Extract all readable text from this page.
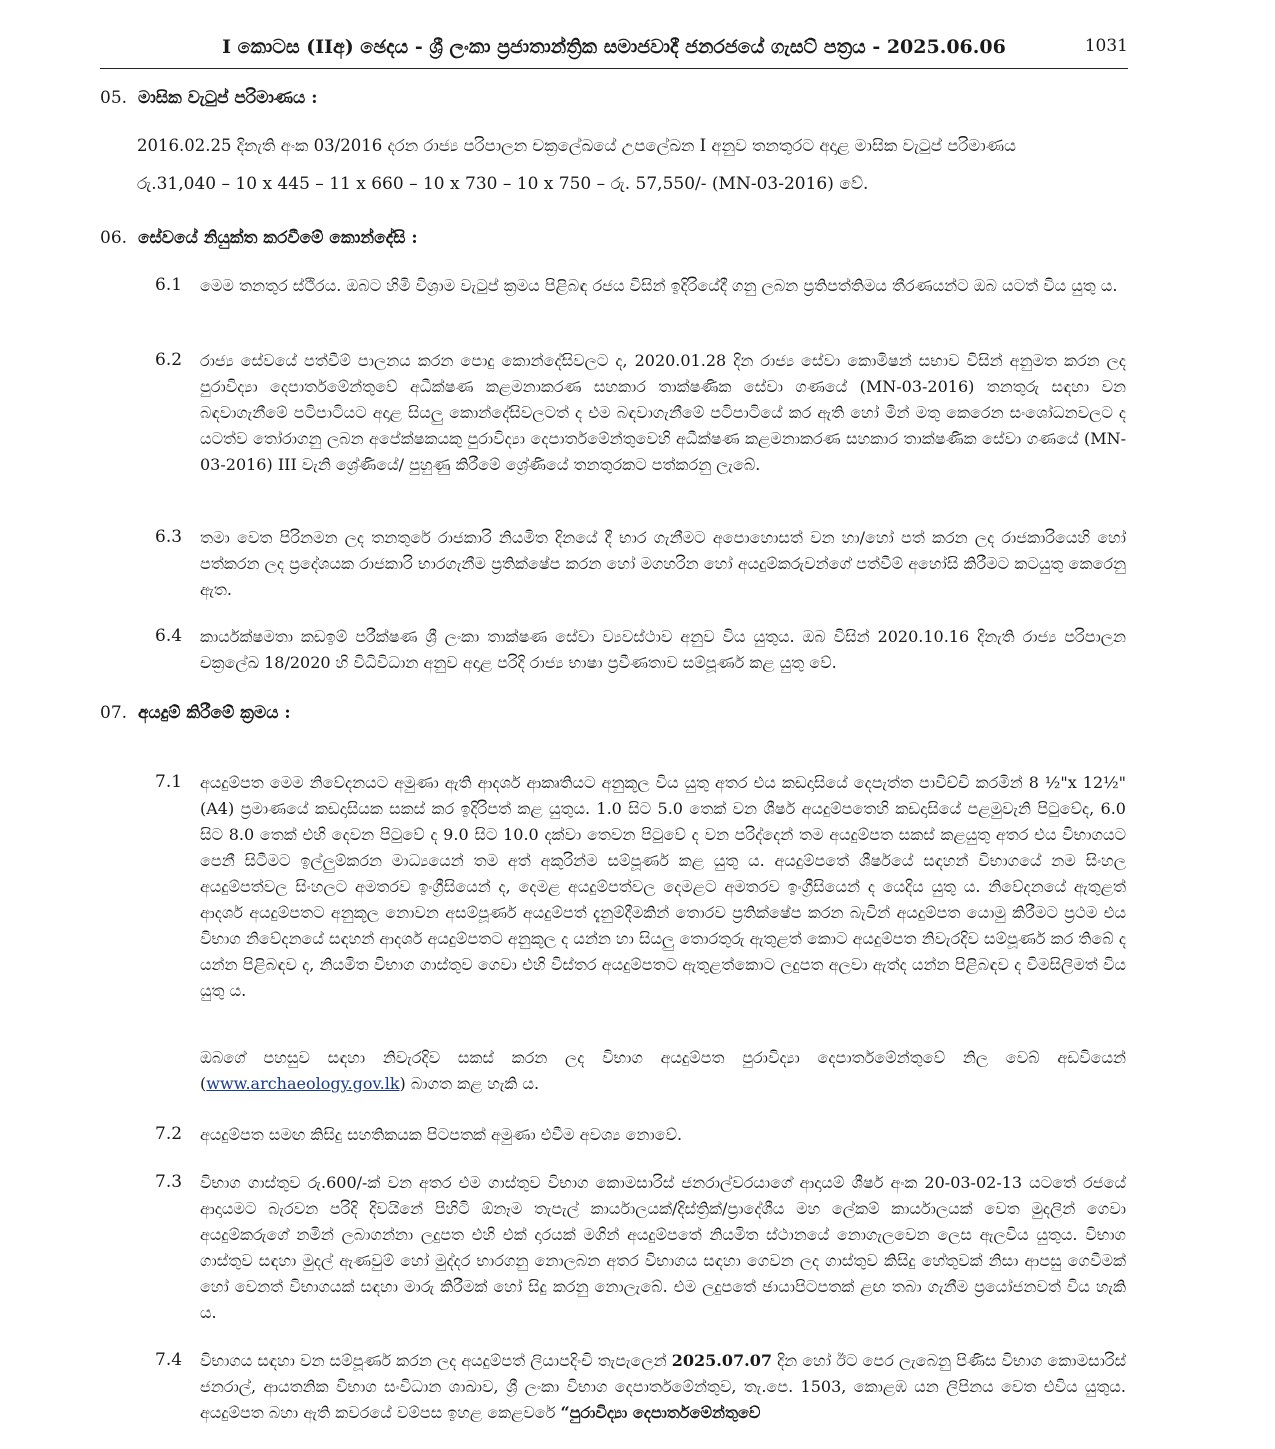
I කොටස (IIඅ) ඡෙදය - ශ්‍රී ලංකා ප්‍රජාතාන්ත්‍රික සමාජවාදී ජනරජයේ ගැසට් පත්‍රය - 2025.06.06	1031
05. මාසික වැටුප් පරිමාණය :
2016.02.25 දිනැති අංක 03/2016 දරන රාජ්‍ය පරිපාලන චක්‍රලේඛයේ උපලේඛන I අනුව තනතුරට අදාළ මාසික වැටුප් පරිමාණය
රු.31,040 – 10 x 445 – 11 x 660 – 10 x 730 – 10 x 750 – රු. 57,550/- (MN-03-2016) වේ.
06. සේවයේ නියුක්ත කරවීමේ කොන්දේසි :
6.1 මෙම තනතුර ස්ථිරය. ඔබට හිමි විශ්‍රාම වැටුප් ක්‍රමය පිළිබඳ රජය විසින් ඉදිරියේදී ගනු ලබන ප්‍රතිපත්තිමය තීරණයන්ට ඔබ යටත් විය යුතු ය.
6.2 රාජ්‍ය සේවයේ පත්වීම් පාලනය කරන පොදු කොන්දේසිවලට ද, 2020.01.28 දින රාජ්‍ය සේවා කොමිෂන් සභාව විසින් අනුමත කරන ලද පුරාවිද්‍යා දෙපාර්තමේන්තුවේ අධීක්ෂණ කළමනාකරණ සහකාර තාක්ෂණික සේවා ගණයේ (MN-03-2016) තනතුරු සඳහා වන බඳවාගැනීමේ පටිපාටියට අදාළ සියලු කොන්දේසිවලටත් ද එම බඳවාගැනීමේ පටිපාටියේ කර ඇති හෝ මින් මතු කෙරෙන සංශෝධනවලට ද යටත්ව තෝරාගනු ලබන අපේක්ෂකයකු පුරාවිද්‍යා දෙපාර්තමේන්තුවෙහි අධීක්ෂණ කළමනාකරණ සහකාර තාක්ෂණික සේවා ගණයේ (MN-03-2016) III වැනි ශ්‍රේණියේ/ පුහුණු කිරීමේ ශ්‍රේණියේ තනතුරකට පත්කරනු ලැබේ.
6.3 තමා වෙත පිරිනමන ලද තනතුරේ රාජකාරි නියමිත දිනයේ දී භාර ගැනීමට අපොහොසත් වන හා/හෝ පත් කරන ලද රාජකාරියෙහි හෝ පත්කරන ලද ප්‍රදේශයක රාජකාරි භාරගැනීම ප්‍රතික්ෂේප කරන හෝ මගහරින හෝ අයදුම්කරුවන්ගේ පත්වීම් අහෝසි කිරීමට කටයුතු කෙරෙනු ඇත.
6.4 කාර්යක්ෂමතා කඩඉම් පරීක්ෂණ ශ්‍රී ලංකා තාක්ෂණ සේවා ව්‍යවස්ථාව අනුව විය යුතුය. ඔබ විසින් 2020.10.16 දිනැති රාජ්‍ය පරිපාලන චක්‍රලේඛ 18/2020 හි විධිවිධාන අනුව අදාළ පරිදි රාජ්‍ය භාෂා ප්‍රවීණතාව සම්පූර්ණ කළ යුතු වේ.
07. අයදුම් කිරීමේ ක්‍රමය :
7.1 අයදුම්පත මෙම නිවේදනයට අමුණා ඇති ආදර්ශ ආකෘතියට අනුකූල විය යුතු අතර එය කඩදාසියේ දෙපැත්ත පාවිච්චි කරමින් 8 ½"x 12½" (A4) ප්‍රමාණයේ කඩදාසියක සකස් කර ඉදිරිපත් කළ යුතුය. 1.0 සිට 5.0 තෙක් වන ශීර්ෂ අයදුම්පතෙහි කඩදාසියේ පළමුවැනි පිටුවේද, 6.0 සිට 8.0 තෙක් එහි දෙවන පිටුවේ ද 9.0 සිට 10.0 දක්වා තෙවන පිටුවේ ද වන පරිද්දෙන් තම අයදුම්පත සකස් කළයුතු අතර එය විභාගයට පෙනී සිටීමට ඉල්ලුම්කරන මාධ්‍යයෙන් තම අත් අකුරින්ම සම්පූර්ණ කළ යුතු ය. අයදුම්පතේ ශීර්ෂයේ සඳහන් විභාගයේ නම සිංහල අයදුම්පත්වල සිංහලට අමතරව ඉංග්‍රීසියෙන් ද, දෙමළ අයදුම්පත්වල දෙමළට අමතරව ඉංග්‍රීසියෙන් ද යෙදිය යුතු ය. නිවේදනයේ ඇතුළත් ආදර්ශ අයදුම්පතට අනුකූල නොවන අසම්පූර්ණ අයදුම්පත් දැනුම්දීමකින් තොරව ප්‍රතික්ෂේප කරන බැවින් අයදුම්පත යොමු කිරීමට ප්‍රථම එය විභාග නිවේදනයේ සඳහන් ආදර්ශ අයදුම්පතට අනුකූල ද යන්න හා සියලු තොරතුරු ඇතුළත් කොට අයදුම්පත නිවැරදිව සම්පූර්ණ කර තිබේ ද යන්න පිළිබඳව ද, නියමිත විභාග ගාස්තුව ගෙවා එහි විස්තර අයදුම්පතට ඇතුළත්කොට ලදුපත අලවා ඇත්ද යන්න පිළිබඳව ද විමසිලිමත් විය යුතු ය.
ඔබගේ පහසුව සඳහා නිවැරදිව සකස් කරන ලද විභාග අයදුම්පත පුරාවිද්‍යා දෙපාර්තමේන්තුවේ නිල වෙබ් අඩවියෙන් (www.archaeology.gov.lk) බාගත කළ හැකි ය.
7.2 අයදුම්පත සමඟ කිසිදු සහතිකයක පිටපතක් අමුණා එවීම අවශ්‍ය නොවේ.
7.3 විභාග ගාස්තුව රු.600/-ක් වන අතර එම ගාස්තුව විභාග කොමසාරිස් ජනරාල්වරයාගේ ආදායම් ශීර්ෂ අංක 20-03-02-13 යටතේ රජයේ ආදායමට බැරවන පරිදි දිවයිනේ පිහිටි ඕනෑම තැපැල් කාර්යාලයක්/දිස්ත්‍රික්/ප්‍රාදේශීය මහ ලේකම් කාර්යාලයක් වෙත මුදලින් ගෙවා අයදුම්කරුගේ නමින් ලබාගන්නා ලදුපත එහි එක් දාරයක් මගින් අයදුම්පතේ නියමිත ස්ථානයේ නොගැලවෙන ලෙස ඇලවිය යුතුය. විභාග ගාස්තුව සඳහා මුදල් ඇණවුම් හෝ මුද්දර භාරගනු නොලබන අතර විභාගය සඳහා ගෙවන ලද ගාස්තුව කිසිදු හේතුවක් නිසා ආපසු ගෙවීමක් හෝ වෙනත් විභාගයක් සඳහා මාරු කිරීමක් හෝ සිදු කරනු නොලැබේ. එම ලදුපතේ ඡායාපිටපතක් ළඟ තබා ගැනීම ප්‍රයෝජනවත් විය හැකි ය.
7.4 විභාගය සඳහා වන සම්පූර්ණ කරන ලද අයදුම්පත් ලියාපදිංචි තැපැලෙන් 2025.07.07 දින හෝ ඊට පෙර ලැබෙනු පිණිස විභාග කොමසාරිස් ජනරාල්, ආයතනික විභාග සංවිධාන ශාඛාව, ශ්‍රී ලංකා විභාග දෙපාර්තමේන්තුව, තැ.පෙ. 1503, කොළඹ යන ලිපිනය වෙත එවිය යුතුය. අයදුම්පත බහා ඇති කවරයේ වම්පස ඉහළ කෙළවරේ “පුරාවිද්‍යා දෙපාර්තමේන්තුවේ
